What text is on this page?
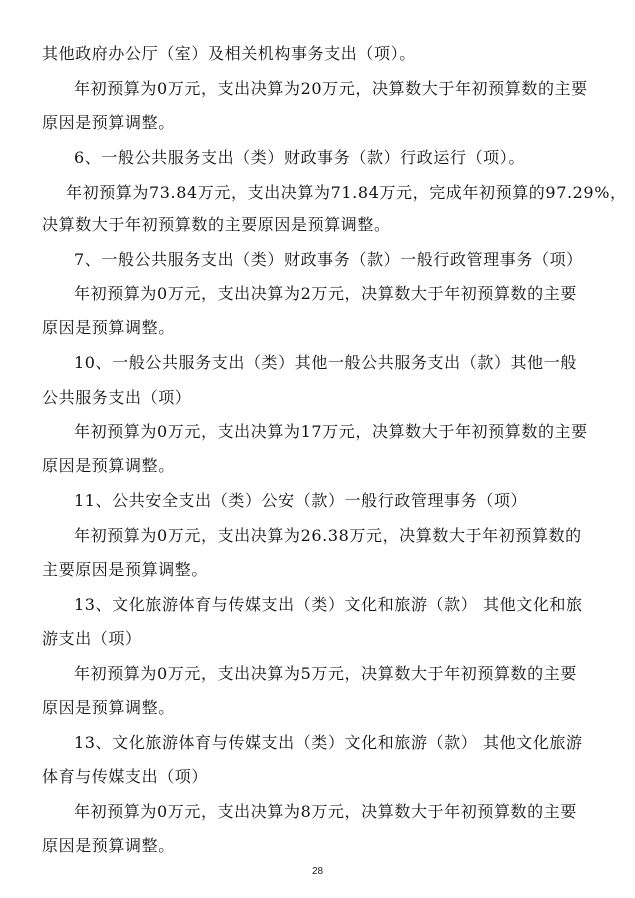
其他政府办公厅（室）及相关机构事务支出（项）。
年初预算为0万元，支出决算为20万元，决算数大于年初预算数的主要
原因是预算调整。
6、一般公共服务支出（类）财政事务（款）行政运行（项）。
年初预算为73.84万元，支出决算为71.84万元，完成年初预算的97.29%，
决算数大于年初预算数的主要原因是预算调整。
7、一般公共服务支出（类）财政事务（款）一般行政管理事务（项）
年初预算为0万元，支出决算为2万元，决算数大于年初预算数的主要
原因是预算调整。
10、一般公共服务支出（类）其他一般公共服务支出（款）其他一般
公共服务支出（项）
年初预算为0万元，支出决算为17万元，决算数大于年初预算数的主要
原因是预算调整。
11、公共安全支出（类）公安（款）一般行政管理事务（项）
年初预算为0万元，支出决算为26.38万元，决算数大于年初预算数的
主要原因是预算调整。
13、文化旅游体育与传媒支出（类）文化和旅游（款） 其他文化和旅
游支出（项）
年初预算为0万元，支出决算为5万元，决算数大于年初预算数的主要
原因是预算调整。
13、文化旅游体育与传媒支出（类）文化和旅游（款） 其他文化旅游
体育与传媒支出（项）
年初预算为0万元，支出决算为8万元，决算数大于年初预算数的主要
原因是预算调整。
28
